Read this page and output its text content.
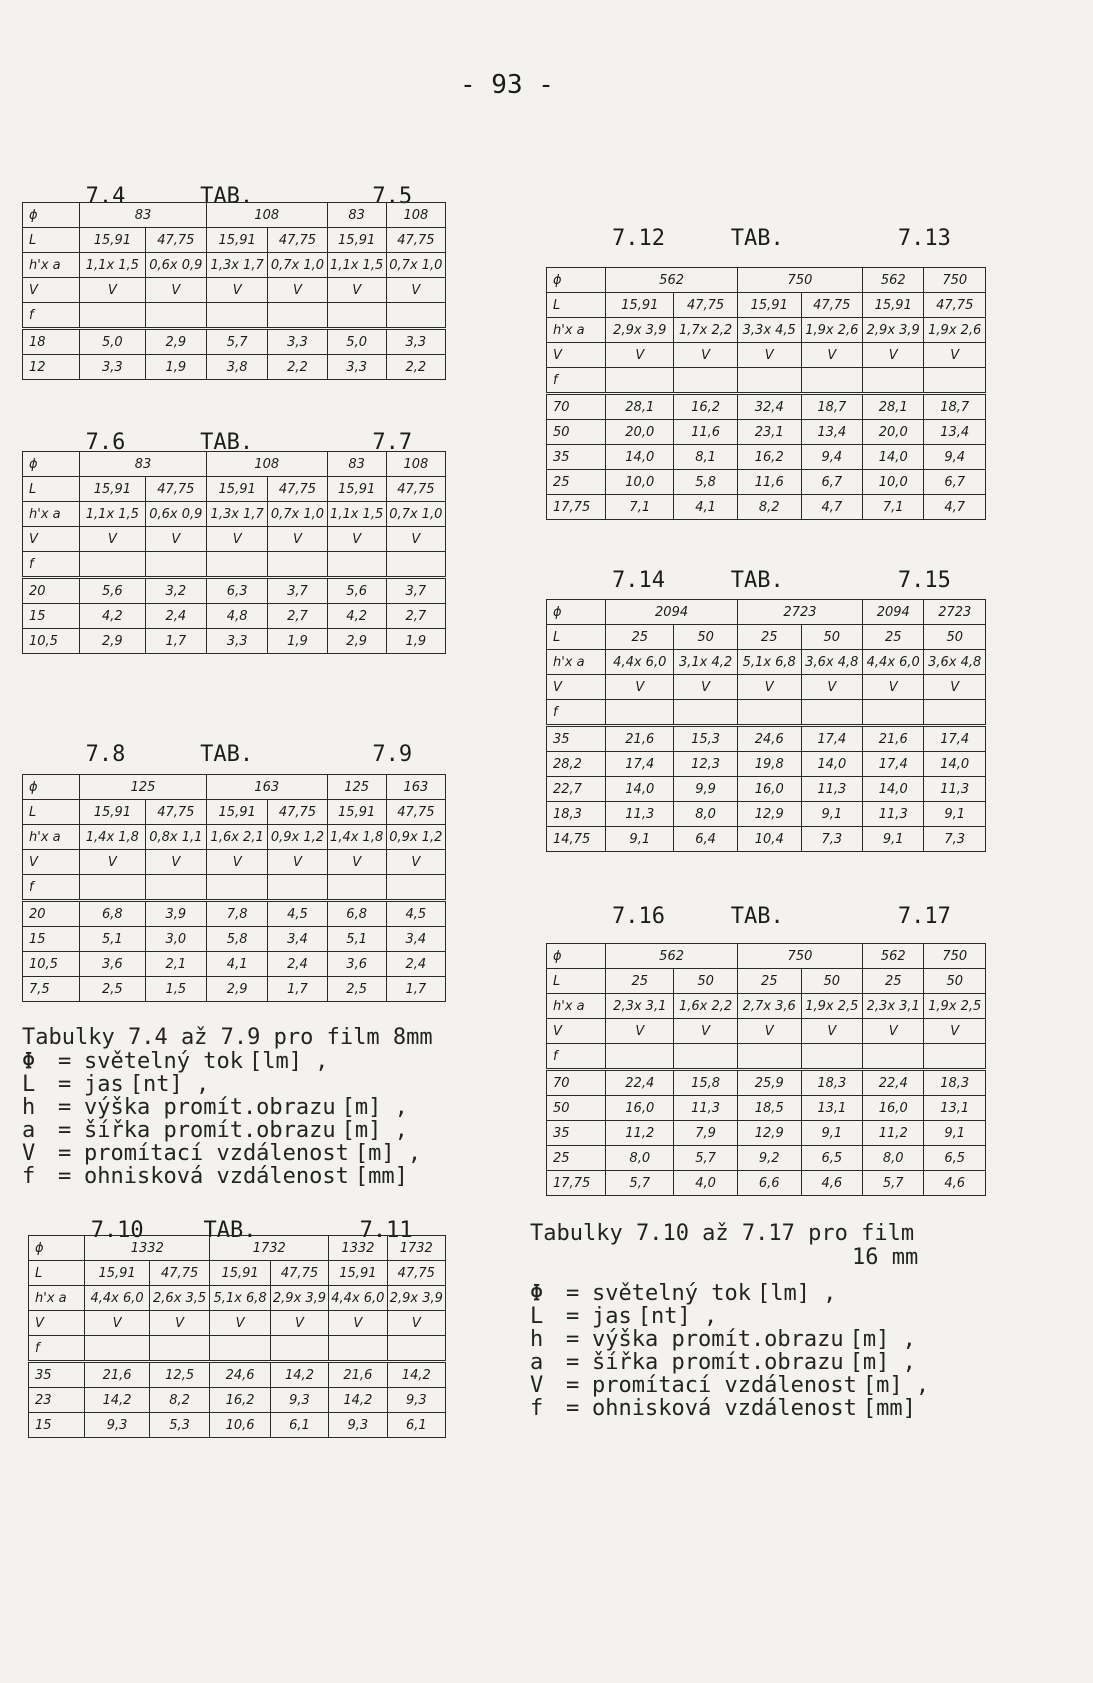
- 93 -
7.4	TAB.	7.5
ϕ	83		108		83	108
L	15,91	47,75	15,91	47,75	15,91	47,75
h'x a	1,1x 1,5	0,6x 0,9	1,3x 1,7	0,7x 1,0	1,1x 1,5	0,7x 1,0
V	V	V	V	V	V	V
f						
18	5,0	2,9	5,7	3,3	5,0	3,3
12	3,3	1,9	3,8	2,2	3,3	2,2
7.6	TAB.	7.7
ϕ	83		108		83	108
L	15,91	47,75	15,91	47,75	15,91	47,75
h'x a	1,1x 1,5	0,6x 0,9	1,3x 1,7	0,7x 1,0	1,1x 1,5	0,7x 1,0
V	V	V	V	V	V	V
f						
20	5,6	3,2	6,3	3,7	5,6	3,7
15	4,2	2,4	4,8	2,7	4,2	2,7
10,5	2,9	1,7	3,3	1,9	2,9	1,9
7.8	TAB.	7.9
ϕ	125		163		125	163
L	15,91	47,75	15,91	47,75	15,91	47,75
h'x a	1,4x 1,8	0,8x 1,1	1,6x 2,1	0,9x 1,2	1,4x 1,8	0,9x 1,2
V	V	V	V	V	V	V
f						
20	6,8	3,9	7,8	4,5	6,8	4,5
15	5,1	3,0	5,8	3,4	5,1	3,4
10,5	3,6	2,1	4,1	2,4	3,6	2,4
7,5	2,5	1,5	2,9	1,7	2,5	1,7
7.10	TAB.	7.11
ϕ	1332		1732		1332	1732
L	15,91	47,75	15,91	47,75	15,91	47,75
h'x a	4,4x 6,0	2,6x 3,5	5,1x 6,8	2,9x 3,9	4,4x 6,0	2,9x 3,9
V	V	V	V	V	V	V
f						
35	21,6	12,5	24,6	14,2	21,6	14,2
23	14,2	8,2	16,2	9,3	14,2	9,3
15	9,3	5,3	10,6	6,1	9,3	6,1
7.12	TAB.	7.13
ϕ	562		750		562	750
L	15,91	47,75	15,91	47,75	15,91	47,75
h'x a	2,9x 3,9	1,7x 2,2	3,3x 4,5	1,9x 2,6	2,9x 3,9	1,9x 2,6
V	V	V	V	V	V	V
f						
70	28,1	16,2	32,4	18,7	28,1	18,7
50	20,0	11,6	23,1	13,4	20,0	13,4
35	14,0	8,1	16,2	9,4	14,0	9,4
25	10,0	5,8	11,6	6,7	10,0	6,7
17,75	7,1	4,1	8,2	4,7	7,1	4,7
7.14	TAB.	7.15
ϕ	2094		2723		2094	2723
L	25	50	25	50	25	50
h'x a	4,4x 6,0	3,1x 4,2	5,1x 6,8	3,6x 4,8	4,4x 6,0	3,6x 4,8
V	V	V	V	V	V	V
f						
35	21,6	15,3	24,6	17,4	21,6	17,4
28,2	17,4	12,3	19,8	14,0	17,4	14,0
22,7	14,0	9,9	16,0	11,3	14,0	11,3
18,3	11,3	8,0	12,9	9,1	11,3	9,1
14,75	9,1	6,4	10,4	7,3	9,1	7,3
7.16	TAB.	7.17
ϕ	562		750		562	750
L	25	50	25	50	25	50
h'x a	2,3x 3,1	1,6x 2,2	2,7x 3,6	1,9x 2,5	2,3x 3,1	1,9x 2,5
V	V	V	V	V	V	V
f						
70	22,4	15,8	25,9	18,3	22,4	18,3
50	16,0	11,3	18,5	13,1	16,0	13,1
35	11,2	7,9	12,9	9,1	11,2	9,1
25	8,0	5,7	9,2	6,5	8,0	6,5
17,75	5,7	4,0	6,6	4,6	5,7	4,6
Tabulky 7.4 až 7.9 pro film 8mm
Φ = světelný tok [lm] ,
L = jas [nt] ,
h = výška promít.obrazu [m] ,
a = šířka promít.obrazu [m] ,
V = promítací vzdálenost [m] ,
f = ohnisková vzdálenost [mm]
Tabulky 7.10 až 7.17 pro film
16 mm
Φ = světelný tok [lm] ,
L = jas [nt] ,
h = výška promít.obrazu [m] ,
a = šířka promít.obrazu [m] ,
V = promítací vzdálenost [m] ,
f = ohnisková vzdálenost [mm]
